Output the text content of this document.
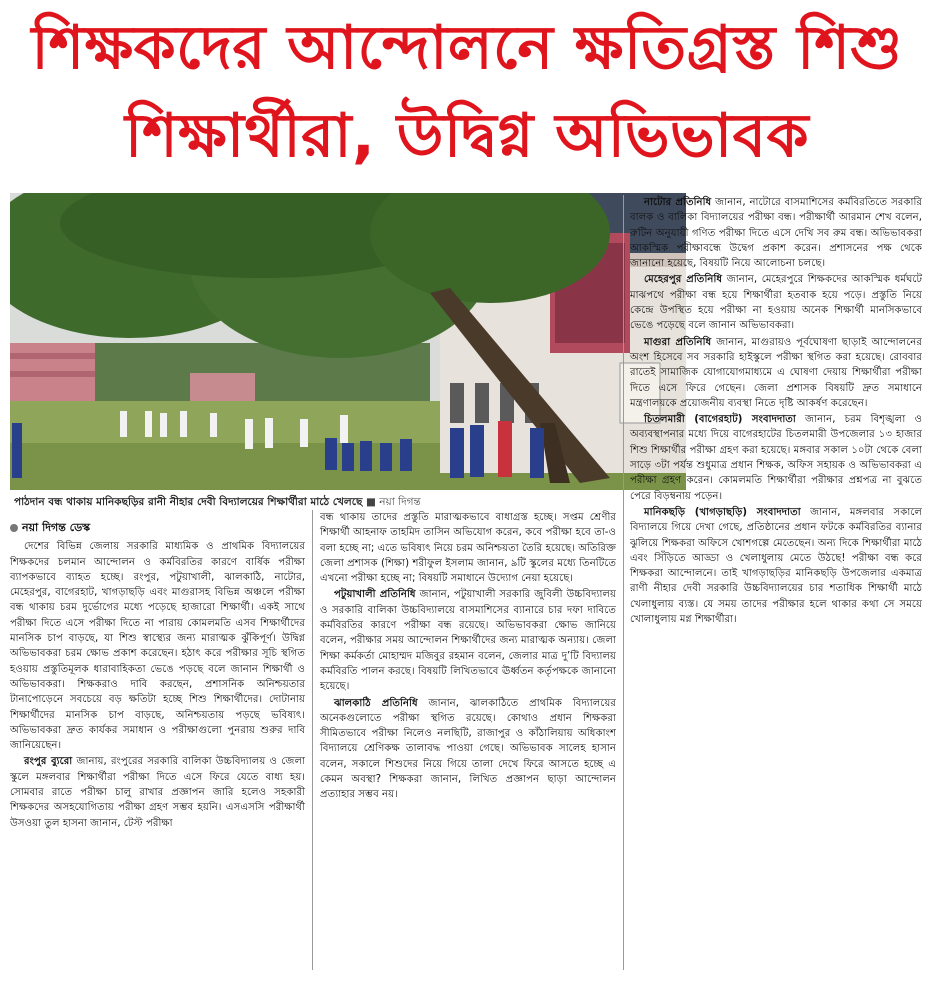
শিক্ষকদের আন্দোলনে ক্ষতিগ্রস্ত শিশু
শিক্ষার্থীরা, উদ্বিগ্ন অভিভাবক
পাঠদান বন্ধ থাকায় মানিকছড়ির রানী নীহার দেবী বিদ্যালয়ের শিক্ষার্থীরা মাঠে খেলছে ■ নয়া দিগন্ত
নয়া দিগন্ত ডেস্ক

দেশের বিভিন্ন জেলায় সরকারি মাধ্যমিক ও প্রাথমিক বিদ্যালয়ের শিক্ষকদের চলমান আন্দোলন ও কর্মবিরতির কারণে বার্ষিক পরীক্ষা ব্যাপকভাবে ব্যাহত হচ্ছে। রংপুর, পটুয়াখালী, ঝালকাঠি, নাটোর, মেহেরপুর, বাগেরহাট, খাগড়াছড়ি এবং মাগুরাসহ বিভিন্ন অঞ্চলে পরীক্ষা বন্ধ থাকায় চরম দুর্ভোগের মধ্যে পড়েছে হাজারো শিক্ষার্থী। একই সাথে পরীক্ষা দিতে এসে পরীক্ষা দিতে না পারায় কোমলমতি এসব শিক্ষার্থীদের মানসিক চাপ বাড়ছে, যা শিশু স্বাস্থ্যের জন্য মারাত্মক ঝুঁকিপূর্ণ। উদ্বিগ্ন অভিভাবকরা চরম ক্ষোভ প্রকাশ করেছেন। হঠাৎ করে পরীক্ষার সূচি স্থগিত হওয়ায় প্রস্তুতিমূলক ধারাবাহিকতা ভেঙে পড়ছে বলে জানান শিক্ষার্থী ও অভিভাবকরা। শিক্ষকরাও দাবি করছেন, প্রশাসনিক অনিশ্চয়তার টানাপোড়েনে সবচেয়ে বড় ক্ষতিটা হচ্ছে শিশু শিক্ষার্থীদের। দোটানায় শিক্ষার্থীদের মানসিক চাপ বাড়ছে, অনিশ্চয়তায় পড়ছে ভবিষ্যৎ। অভিভাবকরা দ্রুত কার্যকর সমাধান ও পরীক্ষাগুলো পুনরায় শুরুর দাবি জানিয়েছেন।

রংপুর ব্যুরো জানায়, রংপুরের সরকারি বালিকা উচ্চবিদ্যালয় ও জেলা স্কুলে মঙ্গলবার শিক্ষার্থীরা পরীক্ষা দিতে এসে ফিরে যেতে বাধ্য হয়। সোমবার রাতে পরীক্ষা চালু রাখার প্রজ্ঞাপন জারি হলেও সহকারী শিক্ষকদের অসহযোগিতায় পরীক্ষা গ্রহণ সম্ভব হয়নি। এসএসসি পরীক্ষার্থী উসওয়া তুল হাসনা জানান, টেস্ট পরীক্ষা

বন্ধ থাকায় তাদের প্রস্তুতি মারাত্মকভাবে বাধাগ্রস্ত হচ্ছে। সপ্তম শ্রেণীর শিক্ষার্থী আহনাফ তাহমিদ তাসিন অভিযোগ করেন, কবে পরীক্ষা হবে তা-ও বলা হচ্ছে না; এতে ভবিষ্যৎ নিয়ে চরম অনিশ্চয়তা তৈরি হয়েছে। অতিরিক্ত জেলা প্রশাসক (শিক্ষা) শরীফুল ইসলাম জানান, ৯টি স্কুলের মধ্যে তিনটিতে এখনো পরীক্ষা হচ্ছে না; বিষয়টি সমাধানে উদ্যোগ নেয়া হয়েছে।

পটুয়াখালী প্রতিনিধি জানান, পটুয়াখালী সরকারি জুবিলী উচ্চবিদ্যালয় ও সরকারি বালিকা উচ্চবিদ্যালয়ে বাসমাশিসের ব্যানারে চার দফা দাবিতে কর্মবিরতির কারণে পরীক্ষা বন্ধ রয়েছে। অভিভাবকরা ক্ষোভ জানিয়ে বলেন, পরীক্ষার সময় আন্দোলন শিক্ষার্থীদের জন্য মারাত্মক অন্যায়। জেলা শিক্ষা কর্মকর্তা মোহাম্মদ মজিবুর রহমান বলেন, জেলার মাত্র দু’টি বিদ্যালয় কর্মবিরতি পালন করছে। বিষয়টি লিখিতভাবে ঊর্ধ্বতন কর্তৃপক্ষকে জানানো হয়েছে।

ঝালকাঠি প্রতিনিধি জানান, ঝালকাঠিতে প্রাথমিক বিদ্যালয়ের অনেকগুলোতে পরীক্ষা স্থগিত রয়েছে। কোথাও প্রধান শিক্ষকরা সীমিতভাবে পরীক্ষা নিলেও নলছিটি, রাজাপুর ও কাঁঠালিয়ায় অধিকাংশ বিদ্যালয়ে শ্রেণিকক্ষ তালাবদ্ধ পাওয়া গেছে। অভিভাবক সালেহ হাসান বলেন, সকালে শিশুদের নিয়ে গিয়ে তালা দেখে ফিরে আসতে হচ্ছে এ কেমন অবস্থা? শিক্ষকরা জানান, লিখিত প্রজ্ঞাপন ছাড়া আন্দোলন প্রত্যাহার সম্ভব নয়।

নাটোর প্রতিনিধি জানান, নাটোরে বাসমাশিসের কর্মবিরতিতে সরকারি বালক ও বালিকা বিদ্যালয়ের পরীক্ষা বন্ধ। পরীক্ষার্থী আরমান শেখ বলেন, রুটিন অনুযায়ী গণিত পরীক্ষা দিতে এসে দেখি সব রুম বন্ধ। অভিভাবকরা আকস্মিক পরীক্ষাবন্ধে উদ্বেগ প্রকাশ করেন। প্রশাসনের পক্ষ থেকে জানানো হয়েছে, বিষয়টি নিয়ে আলোচনা চলছে।

মেহেরপুর প্রতিনিধি জানান, মেহেরপুরে শিক্ষকদের আকস্মিক ধর্মঘটে মাঝপথে পরীক্ষা বন্ধ হয়ে শিক্ষার্থীরা হতবাক হয়ে পড়ে। প্রস্তুতি নিয়ে কেন্দ্রে উপস্থিত হয়ে পরীক্ষা না হওয়ায় অনেক শিক্ষার্থী মানসিকভাবে ভেঙে পড়েছে বলে জানান অভিভাবকরা।

মাগুরা প্রতিনিধি জানান, মাগুরায়ও পূর্বঘোষণা ছাড়াই আন্দোলনের অংশ হিসেবে সব সরকারি হাইস্কুলে পরীক্ষা স্থগিত করা হয়েছে। রোববার রাতেই সামাজিক যোগাযোগমাধ্যমে এ ঘোষণা দেয়ায় শিক্ষার্থীরা পরীক্ষা দিতে এসে ফিরে গেছেন। জেলা প্রশাসক বিষয়টি দ্রুত সমাধানে মন্ত্রণালয়কে প্রয়োজনীয় ব্যবস্থা নিতে দৃষ্টি আকর্ষণ করেছেন।

চিতলমারী (বাগেরহাট) সংবাদদাতা জানান, চরম বিশৃঙ্খলা ও অব্যবস্থাপনার মধ্যে দিয়ে বাগেরহাটের চিতলমারী উপজেলার ১৩ হাজার শিশু শিক্ষার্থীর পরীক্ষা গ্রহণ করা হয়েছে। মঙ্গবার সকাল ১০টা থেকে বেলা সাড়ে ৩টা পর্যন্ত শুধুমাত্র প্রধান শিক্ষক, অফিস সহায়ক ও অভিভাবকরা এ পরীক্ষা গ্রহণ করেন। কোমলমতি শিক্ষার্থীরা পরীক্ষার প্রশ্নপত্র না বুঝতে পেরে বিড়ম্বনায় পড়েন।

মানিকছড়ি (খাগড়াছড়ি) সংবাদদাতা জানান, মঙ্গলবার সকালে বিদ্যালয়ে গিয়ে দেখা গেছে, প্রতিষ্ঠানের প্রধান ফটকে কর্মবিরতির ব্যানার ঝুলিয়ে শিক্ষকরা অফিসে খোশগল্পে মেতেছেন। অন্য দিকে শিক্ষার্থীরা মাঠে এবং সিঁড়িতে আড্ডা ও খেলাধুলায় মেতে উঠছে! পরীক্ষা বন্ধ করে শিক্ষকরা আন্দোলনে। তাই খাগড়াছড়ির মানিকছড়ি উপজেলার একমাত্র রাণী নীহার দেবী সরকারি উচ্চবিদ্যালয়ের চার শতাধিক শিক্ষার্থী মাঠে খেলাধুলায় ব্যস্ত। যে সময় তাদের পরীক্ষার হলে থাকার কথা সে সময়ে খোলাধুলায় মগ্ন শিক্ষার্থীরা।
